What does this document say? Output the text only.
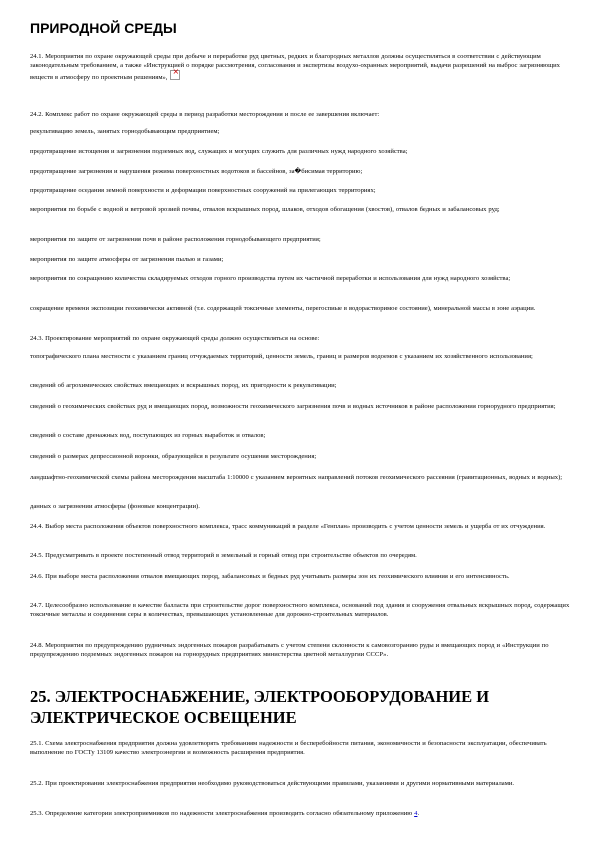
ПРИРОДНОЙ СРЕДЫ

24.1. Мероприятия по охране окружающей среды при добыче и переработке руд цветных, редких и благородных металлов должны осуществляться в соответствии с действующим законодательным требованием, а также «Инструкцией о порядке рассмотрения, согласования и экспертизы воздухо-охранных мероприятий, выдачи разрешений на выброс загрязняющих веществ в атмосферу по проектным решениям»,×

24.2. Комплекс работ по охране окружающей среды в период разработки месторождения и после ее завершения включает:

рекультивацию земель, занятых горнодобывающим предприятием;

предотвращение истощения и загрязнения подземных вод, служащих и могущих служить для различных нужд народного хозяйства;

предотвращение загрязнения и нарушения режима поверхностных водотоков и бассейнов, за�бисимая территорию;

предотвращение оседания земной поверхности и деформации поверхностных сооружений на прилегающих территориях;

мероприятия по борьбе с водной и ветровой эрозией почвы, отвалов вскрышных пород, шлаков, отходов обогащения (хвостов), отвалов бедных и забалансовых руд;

мероприятия по защите от загрязнения почв в районе расположения горнодобывающего предприятия;

мероприятия по защите атмосферы от загрязнения пылью и газами;

мероприятия по сокращению количества складируемых отходов горного производства путем их частичной переработки и использования для нужд народного хозяйства;

сокращение времени экспозиции геохимически активной (т.е. содержащей токсичные элементы, перегоспиые в водорастворимое состояние), минеральной массы в зоне аэрации.

24.3. Проектирование мероприятий по охране окружающей среды должно осуществляться на основе:

топографического плана местности с указанием границ отчуждаемых территорий, ценности земель, границ и размеров водоемов с указанием их хозяйственного использования;

сведений об агрохимических свойствах вмещающих и вскрышных пород, их пригодности к рекультивации;

сведений о геохимических свойствах руд и вмещающих пород, возможности геохимического загрязнения почв и водных источников в районе расположения горнорудного предприятия;

сведений о составе дренажных вод, поступающих из горных выработок и отвалов;

сведений о размерах депрессионной воронки, образующейся в результате осушения месторождения;

ландшафтно-геохимической схемы района месторождения масштаба 1:10000 с указанием вероятных направлений потоков геохимического рассеяния (гравитационных, водных и водных);

данных о загрязнении атмосферы (фоновые концентрации).

24.4. Выбор места расположения объектов поверхностного комплекса, трасс коммуникаций в разделе «Генплан» производить с учетом ценности земель и ущерба от их отчуждения.

24.5. Предусматривать в проекте постепенный отвод территорий в земельный и горный отвод при строительстве объектов по очередям.

24.6. При выборе места расположения отвалов вмещающих пород, забалансовых и бедных руд учитывать размеры зон их геохимического влияния и его интенсивность.

24.7. Целесообразно использование в качестве балласта при строительстве дорог поверхностного комплекса, оснований под здания и сооружения отвальных вскрышных пород, содержащих токсичные металлы и соединения серы в количествах, превышающих установленные для дорожно-строительных материалов.

24.8. Мероприятия по предупреждению рудничных эндогенных пожаров разрабатывать с учетом степени склонности к самовозгоранию руды и вмещающих пород и «Инструкции по предупреждению подземных эндогенных пожаров на горнорудных предприятиях министерства цветной металлургии СССР».

25. ЭЛЕКТРОСНАБЖЕНИЕ, ЭЛЕКТРООБОРУДОВАНИЕ И ЭЛЕКТРИЧЕСКОЕ ОСВЕЩЕНИЕ

25.1. Схема электроснабжения предприятия должна удовлетворять требованиям надежности и бесперебойности питания, экономичности и безопасности эксплуатации, обеспечивать выполнение по ГОСТу 13109 качество электроэнергии и возможность расширения предприятия.

25.2. При проектировании электроснабжения предприятия необходимо руководствоваться действующими правилами, указаниями и другими нормативными материалами.

25.3. Определение категории электроприемников по надежности электроснабжения производить согласно обязательному приложению 4.
